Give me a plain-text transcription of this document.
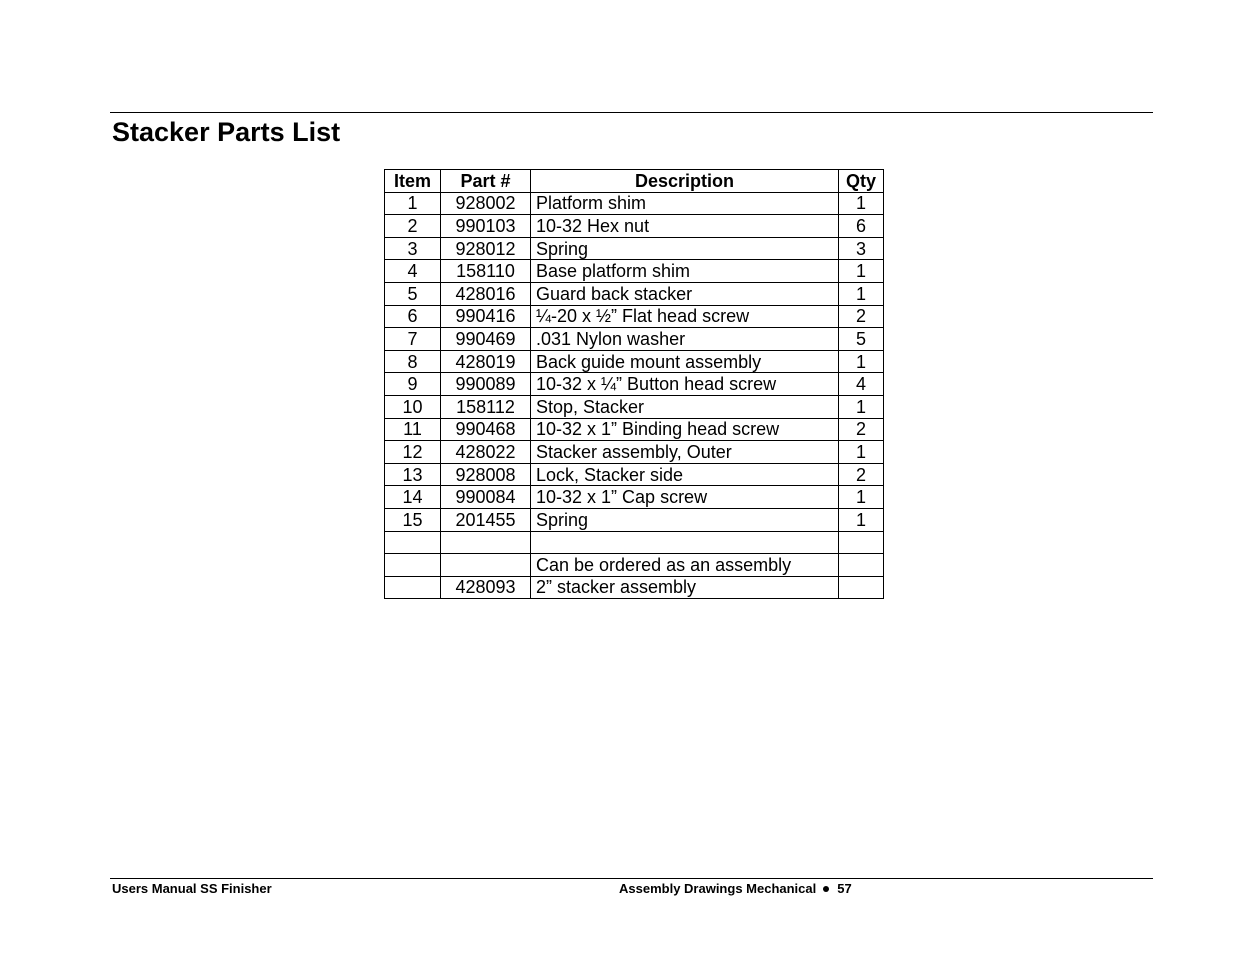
Stacker Parts List
Item	Part #	Description	Qty
1	928002	Platform shim	1
2	990103	10-32 Hex nut	6
3	928012	Spring	3
4	158110	Base platform shim	1
5	428016	Guard back stacker	1
6	990416	¼-20 x ½” Flat head screw	2
7	990469	.031 Nylon washer	5
8	428019	Back guide mount assembly	1
9	990089	10-32 x ¼” Button head screw	4
10	158112	Stop, Stacker	1
11	990468	10-32 x 1” Binding head screw	2
12	428022	Stacker assembly, Outer	1
13	928008	Lock, Stacker side	2
14	990084	10-32 x 1” Cap screw	1
15	201455	Spring	1

		Can be ordered as an assembly	
	428093	2” stacker assembly	
Users Manual SS Finisher	Assembly Drawings Mechanical 57
